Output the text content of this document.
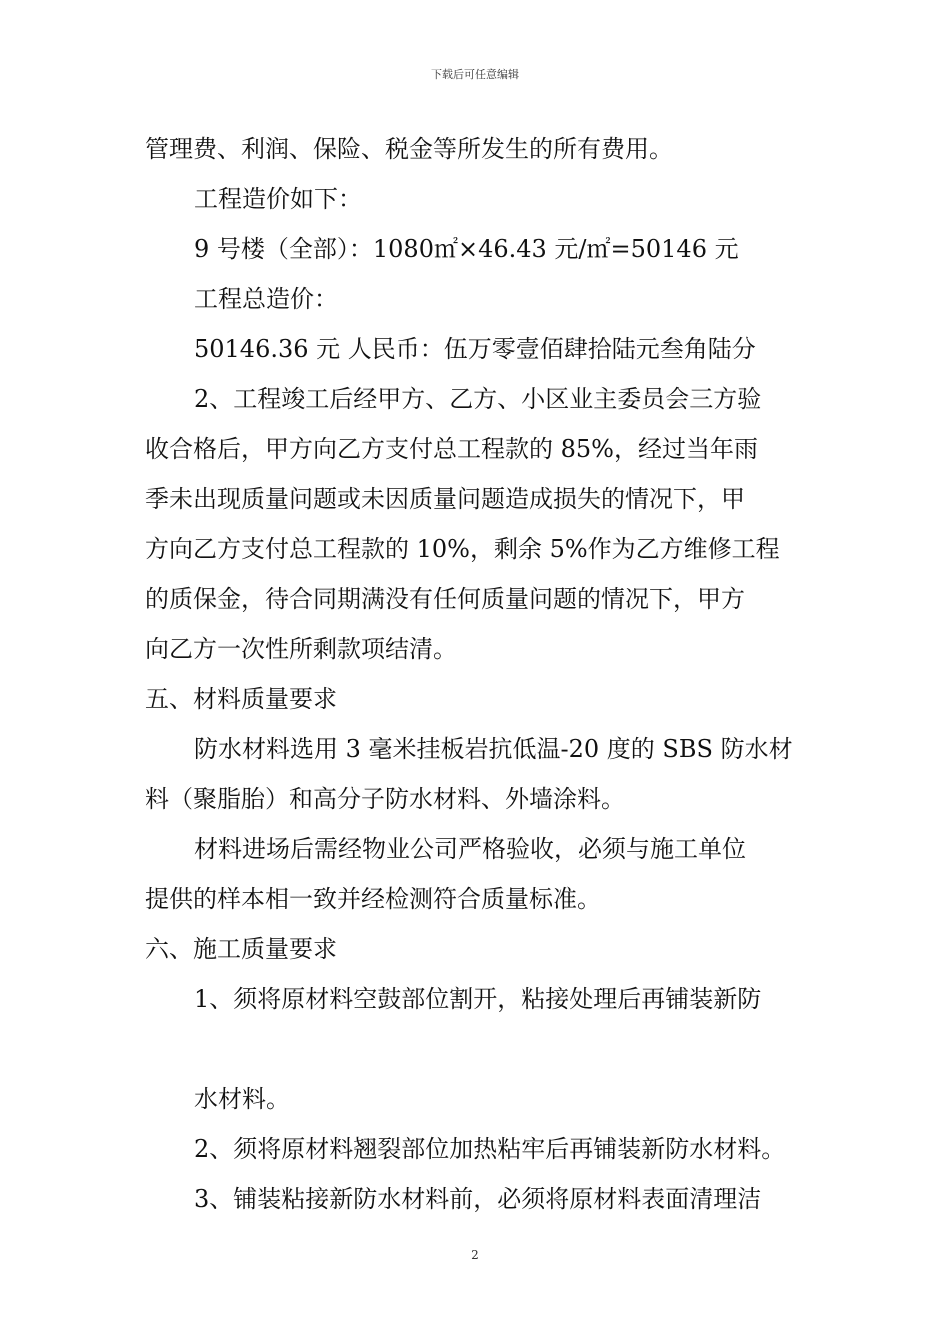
下载后可任意编辑
管理费、利润、保险、税金等所发生的所有费用。
工程造价如下：
9 号楼（全部）：1080㎡×46.43 元/㎡=50146 元
工程总造价：
50146.36 元 人民币：伍万零壹佰肆拾陆元叁角陆分
2、工程竣工后经甲方、乙方、小区业主委员会三方验
收合格后，甲方向乙方支付总工程款的 85%，经过当年雨
季未出现质量问题或未因质量问题造成损失的情况下，甲
方向乙方支付总工程款的 10%，剩余 5%作为乙方维修工程
的质保金，待合同期满没有任何质量问题的情况下，甲方
向乙方一次性所剩款项结清。
五、材料质量要求
防水材料选用 3 毫米挂板岩抗低温-20 度的 SBS 防水材
料（聚脂胎）和高分子防水材料、外墙涂料。
材料进场后需经物业公司严格验收，必须与施工单位
提供的样本相一致并经检测符合质量标准。
六、施工质量要求
1、须将原材料空鼓部位割开，粘接处理后再铺装新防
水材料。
2、须将原材料翘裂部位加热粘牢后再铺装新防水材料。
3、铺装粘接新防水材料前，必须将原材料表面清理洁
2
